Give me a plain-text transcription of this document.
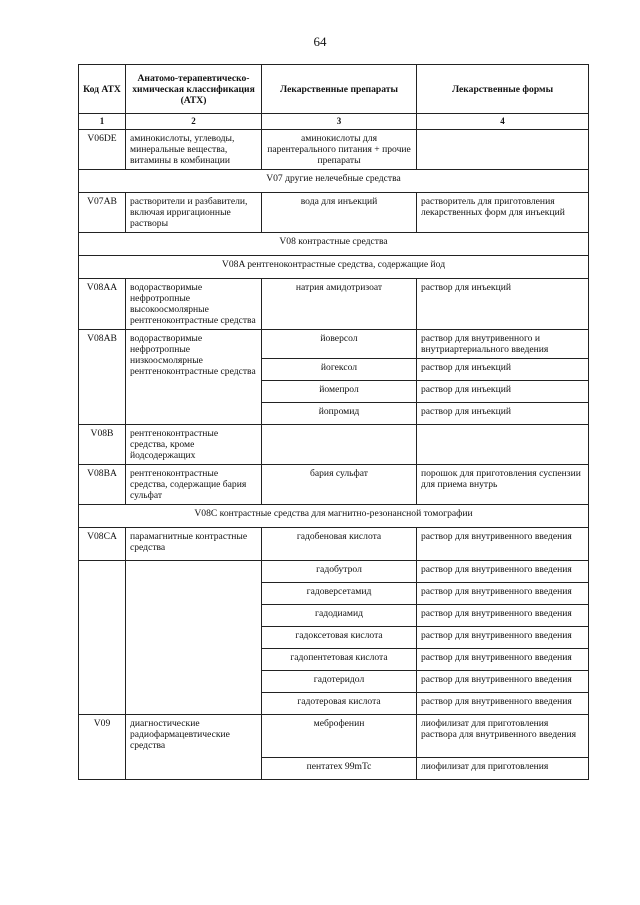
64
Код АТХ	Анатомо-терапевтическо-химическая классификация (АТХ)	Лекарственные препараты	Лекарственные формы
1	2	3	4
V06DE	аминокислоты, углеводы, минеральные вещества, витамины в комбинации	аминокислоты для парентерального питания + прочие препараты	
V07 другие нелечебные средства			
V07AB	растворители и разбавители, включая ирригационные растворы	вода для инъекций	растворитель для приготовления лекарственных форм для инъекций
V08 контрастные средства			
V08A рентгеноконтрастные средства, содержащие йод			
V08AA	водорастворимые нефротропные высокоосмолярные рентгеноконтрастные средства	натрия амидотризоат	раствор для инъекций
V08AB	водорастворимые нефротропные низкоосмолярные рентгеноконтрастные средства	йоверсол	раствор для внутривенного и внутриартериального введения
		йогексол	раствор для инъекций
		йомепрол	раствор для инъекций
		йопромид	раствор для инъекций
V08B	рентгеноконтрастные средства, кроме йодсодержащих		
V08BA	рентгеноконтрастные средства, содержащие бария сульфат	бария сульфат	порошок для приготовления суспензии для приема внутрь
V08C контрастные средства для магнитно-резонансной томографии			
V08CA	парамагнитные контрастные средства	гадобеновая кислота	раствор для внутривенного введения
		гадобутрол	раствор для внутривенного введения
		гадоверсетамид	раствор для внутривенного введения
		гадодиамид	раствор для внутривенного введения
		гадоксетовая кислота	раствор для внутривенного введения
		гадопентетовая кислота	раствор для внутривенного введения
		гадотеридол	раствор для внутривенного введения
		гадотеровая кислота	раствор для внутривенного введения
V09	диагностические радиофармацевтические средства	меброфенин	лиофилизат для приготовления раствора для внутривенного введения
		пентатех 99mTc	лиофилизат для приготовления
